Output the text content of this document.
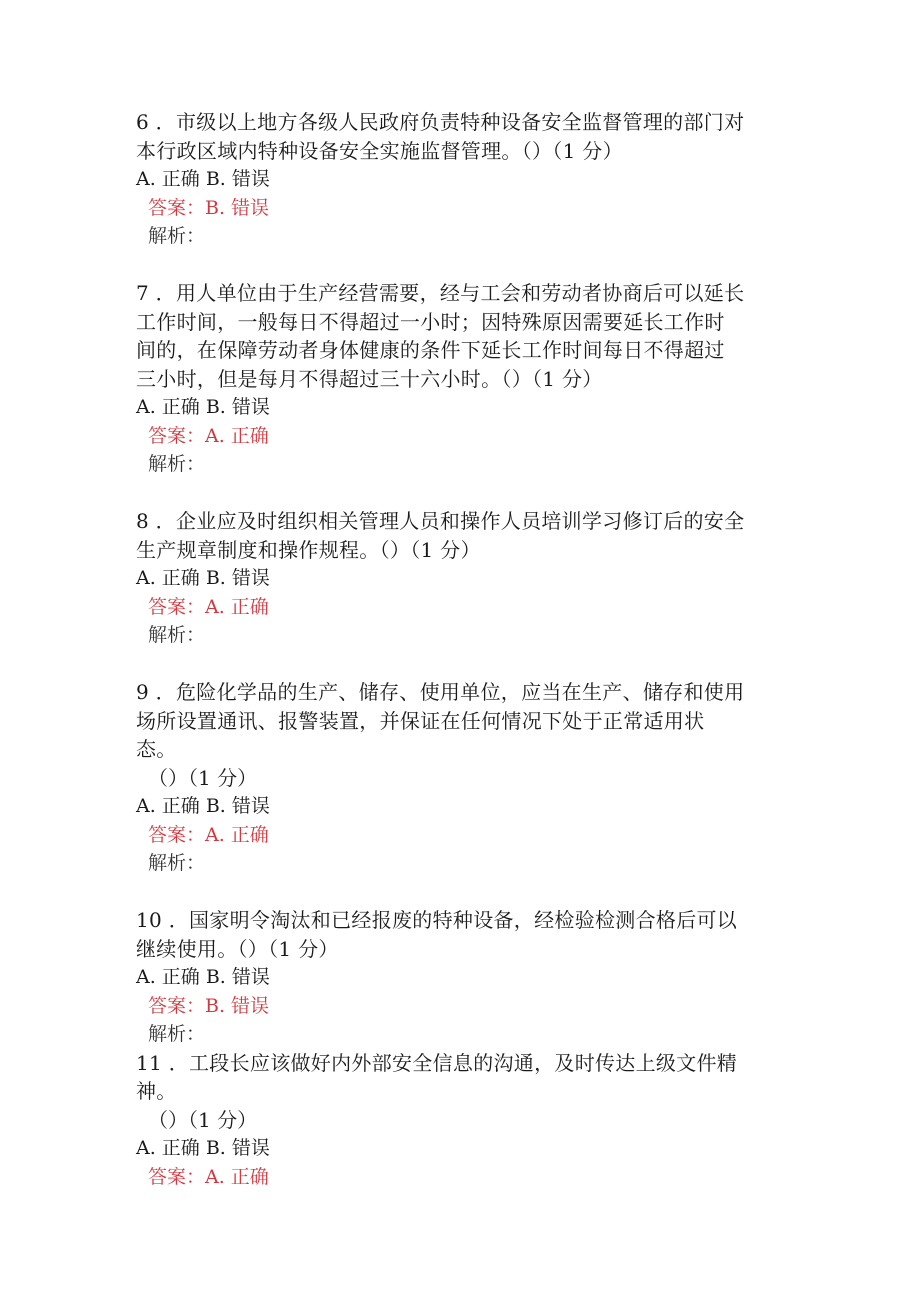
6 ．市级以上地方各级人民政府负责特种设备安全监督管理的部门对

本行政区域内特种设备安全实施监督管理。（）（1 分）

A. 正确 B. 错误

答案：B. 错误

解析：

7 ．用人单位由于生产经营需要，经与工会和劳动者协商后可以延长

工作时间，一般每日不得超过一小时；因特殊原因需要延长工作时

间的，在保障劳动者身体健康的条件下延长工作时间每日不得超过

三小时，但是每月不得超过三十六小时。（）（1 分）

A. 正确 B. 错误

答案：A. 正确

解析：

8 ．企业应及时组织相关管理人员和操作人员培训学习修订后的安全

生产规章制度和操作规程。（）（1 分）

A. 正确 B. 错误

答案：A. 正确

解析：

9 ．危险化学品的生产、储存、使用单位，应当在生产、储存和使用

场所设置通讯、报警装置，并保证在任何情况下处于正常适用状

态。

（）（1 分）

A. 正确 B. 错误

答案：A. 正确

解析：

10 ．国家明令淘汰和已经报废的特种设备，经检验检测合格后可以

继续使用。（）（1 分）

A. 正确 B. 错误

答案：B. 错误

解析：

11 ．工段长应该做好内外部安全信息的沟通，及时传达上级文件精

神。

（）（1 分）

A. 正确 B. 错误

答案：A. 正确
